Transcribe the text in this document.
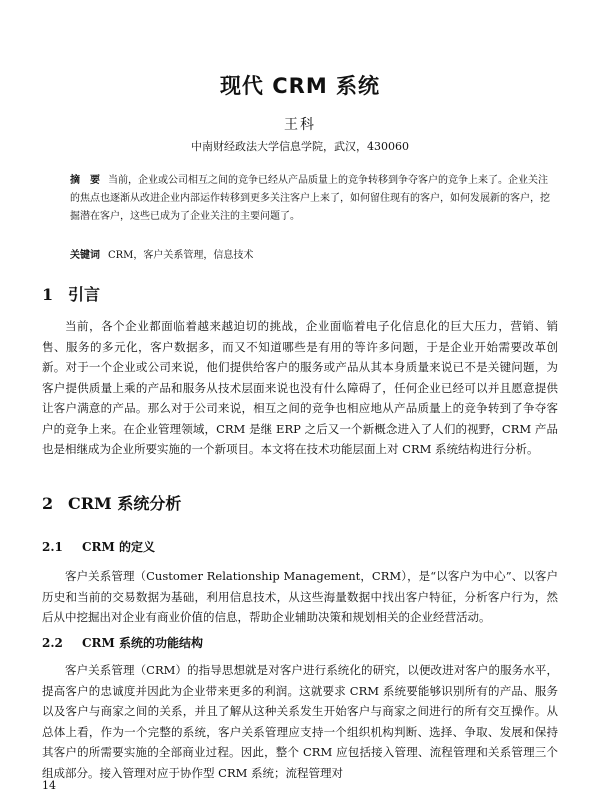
现代 CRM 系统
王科
中南财经政法大学信息学院，武汉，430060
摘　要 当前，企业或公司相互之间的竞争已经从产品质量上的竞争转移到争夺客户的竞争上来了。企业关注的焦点也逐渐从改进企业内部运作转移到更多关注客户上来了，如何留住现有的客户，如何发展新的客户，挖掘潜在客户，这些已成为了企业关注的主要问题了。
关键词 CRM，客户关系管理，信息技术
1 引言
当前，各个企业都面临着越来越迫切的挑战，企业面临着电子化信息化的巨大压力，营销、销售、服务的多元化，客户数据多，而又不知道哪些是有用的等许多问题，于是企业开始需要改革创新。对于一个企业或公司来说，他们提供给客户的服务或产品从其本身质量来说已不是关键问题，为客户提供质量上乘的产品和服务从技术层面来说也没有什么障碍了，任何企业已经可以并且愿意提供让客户满意的产品。那么对于公司来说，相互之间的竞争也相应地从产品质量上的竞争转到了争夺客户的竞争上来。在企业管理领域，CRM 是继 ERP 之后又一个新概念进入了人们的视野，CRM 产品也是相继成为企业所要实施的一个新项目。本文将在技术功能层面上对 CRM 系统结构进行分析。
2 CRM 系统分析
2.1 CRM 的定义
客户关系管理（Customer Relationship Management，CRM），是“以客户为中心”、以客户历史和当前的交易数据为基础，利用信息技术，从这些海量数据中找出客户特征，分析客户行为，然后从中挖掘出对企业有商业价值的信息，帮助企业辅助决策和规划相关的企业经营活动。
2.2 CRM 系统的功能结构
客户关系管理（CRM）的指导思想就是对客户进行系统化的研究，以便改进对客户的服务水平，提高客户的忠诚度并因此为企业带来更多的利润。这就要求 CRM 系统要能够识别所有的产品、服务以及客户与商家之间的关系，并且了解从这种关系发生开始客户与商家之间进行的所有交互操作。从总体上看，作为一个完整的系统，客户关系管理应支持一个组织机构判断、选择、争取、发展和保持其客户的所需要实施的全部商业过程。因此，整个 CRM 应包括接入管理、流程管理和关系管理三个组成部分。接入管理对应于协作型 CRM 系统；流程管理对
14
